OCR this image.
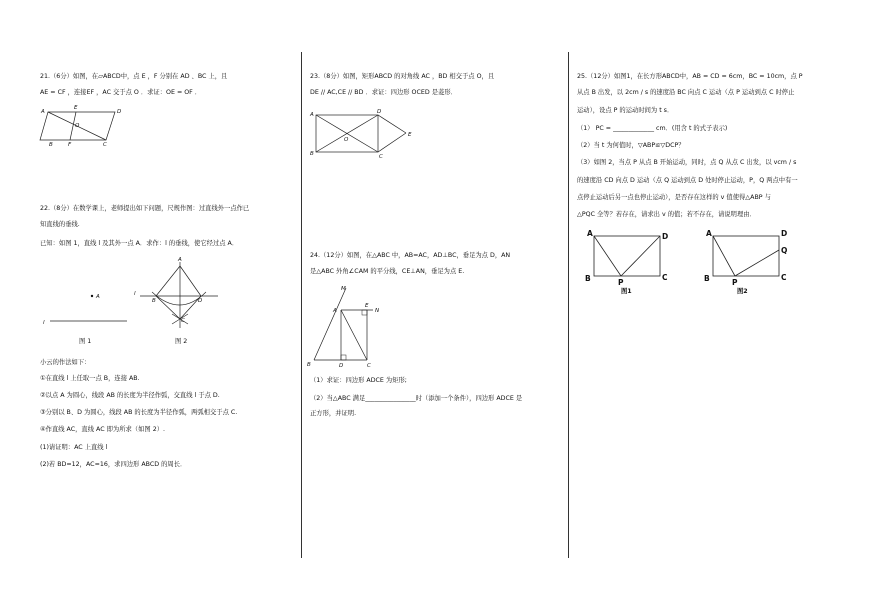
21.（6分）如图，在▱ABCD中，点 E ，F 分别在 AD 、BC 上，且
AE = CF ，连接EF ，AC 交于点 O ．求证：OE = OF ．
A
E
D
O
B	F	C
22.（8分）在数学课上，老师提出如下问题，尺规作图：过直线外一点作已
知直线的垂线.
已知：如图 1，直线 l 及其外一点 A．求作：l 的垂线，使它经过点 A．
A
l
图 1
A
l
B	D
C
图 2
小云的作法如下：
①在直线 l 上任取一点 B，连接 AB.
②以点 A 为圆心，线段 AB 的长度为半径作弧，交直线 l 于点 D.
③分别以 B、D 为圆心，线段 AB 的长度为半径作弧，两弧相交于点 C.
④作直线 AC，直线 AC 即为所求（如图 2）.
(1)请证明：AC 上直线 l
(2)若 BD=12，AC=16，求四边形 ABCD 的周长．
23.（8分）如图，矩形ABCD 的对角线 AC ，BD 相交于点 O，且
DE // AC,CE // BD ．求证：四边形 OCED 是菱形．
A	D
O
E
B	C
24.（12分）如图，在△ABC 中，AB=AC，AD⊥BC，垂足为点 D，AN
是△ABC 外角∠CAM 的平分线，CE⊥AN，垂足为点 E.
M
A
E
N
B	D	C
（1）求证：四边形 ADCE 为矩形;
（2）当△ABC 满足________________时（添加一个条件），四边形 ADCE 是
正方形，并证明.
25.（12分）如图1，在长方形ABCD中，AB = CD = 6cm，BC = 10cm，点 P
从点 B 出发，以 2cm / s 的速度沿 BC 向点 C 运动（点 P 运动到点 C 时停止
运动），设点 P 的运动时间为 t s．
（1） PC = _____________ cm．(用含 t 的式子表示)
（2）当 t 为何值时，▽ABP≌▽DCP？
（3）如图 2，当点 P 从点 B 开始运动，同时，点 Q 从点 C 出发，以 vcm / s
的速度沿 CD 向点 D 运动（点 Q 运动到点 D 处时停止运动，P，Q 两点中有一
点停止运动后另一点也停止运动），是否存在这样的 v 值使得△ABP 与
△PQC 全等？若存在，请求出 v 的值；若不存在，请说明理由．
A	D
B	P
C
图1
A	D
Q
B	P
C
图2
